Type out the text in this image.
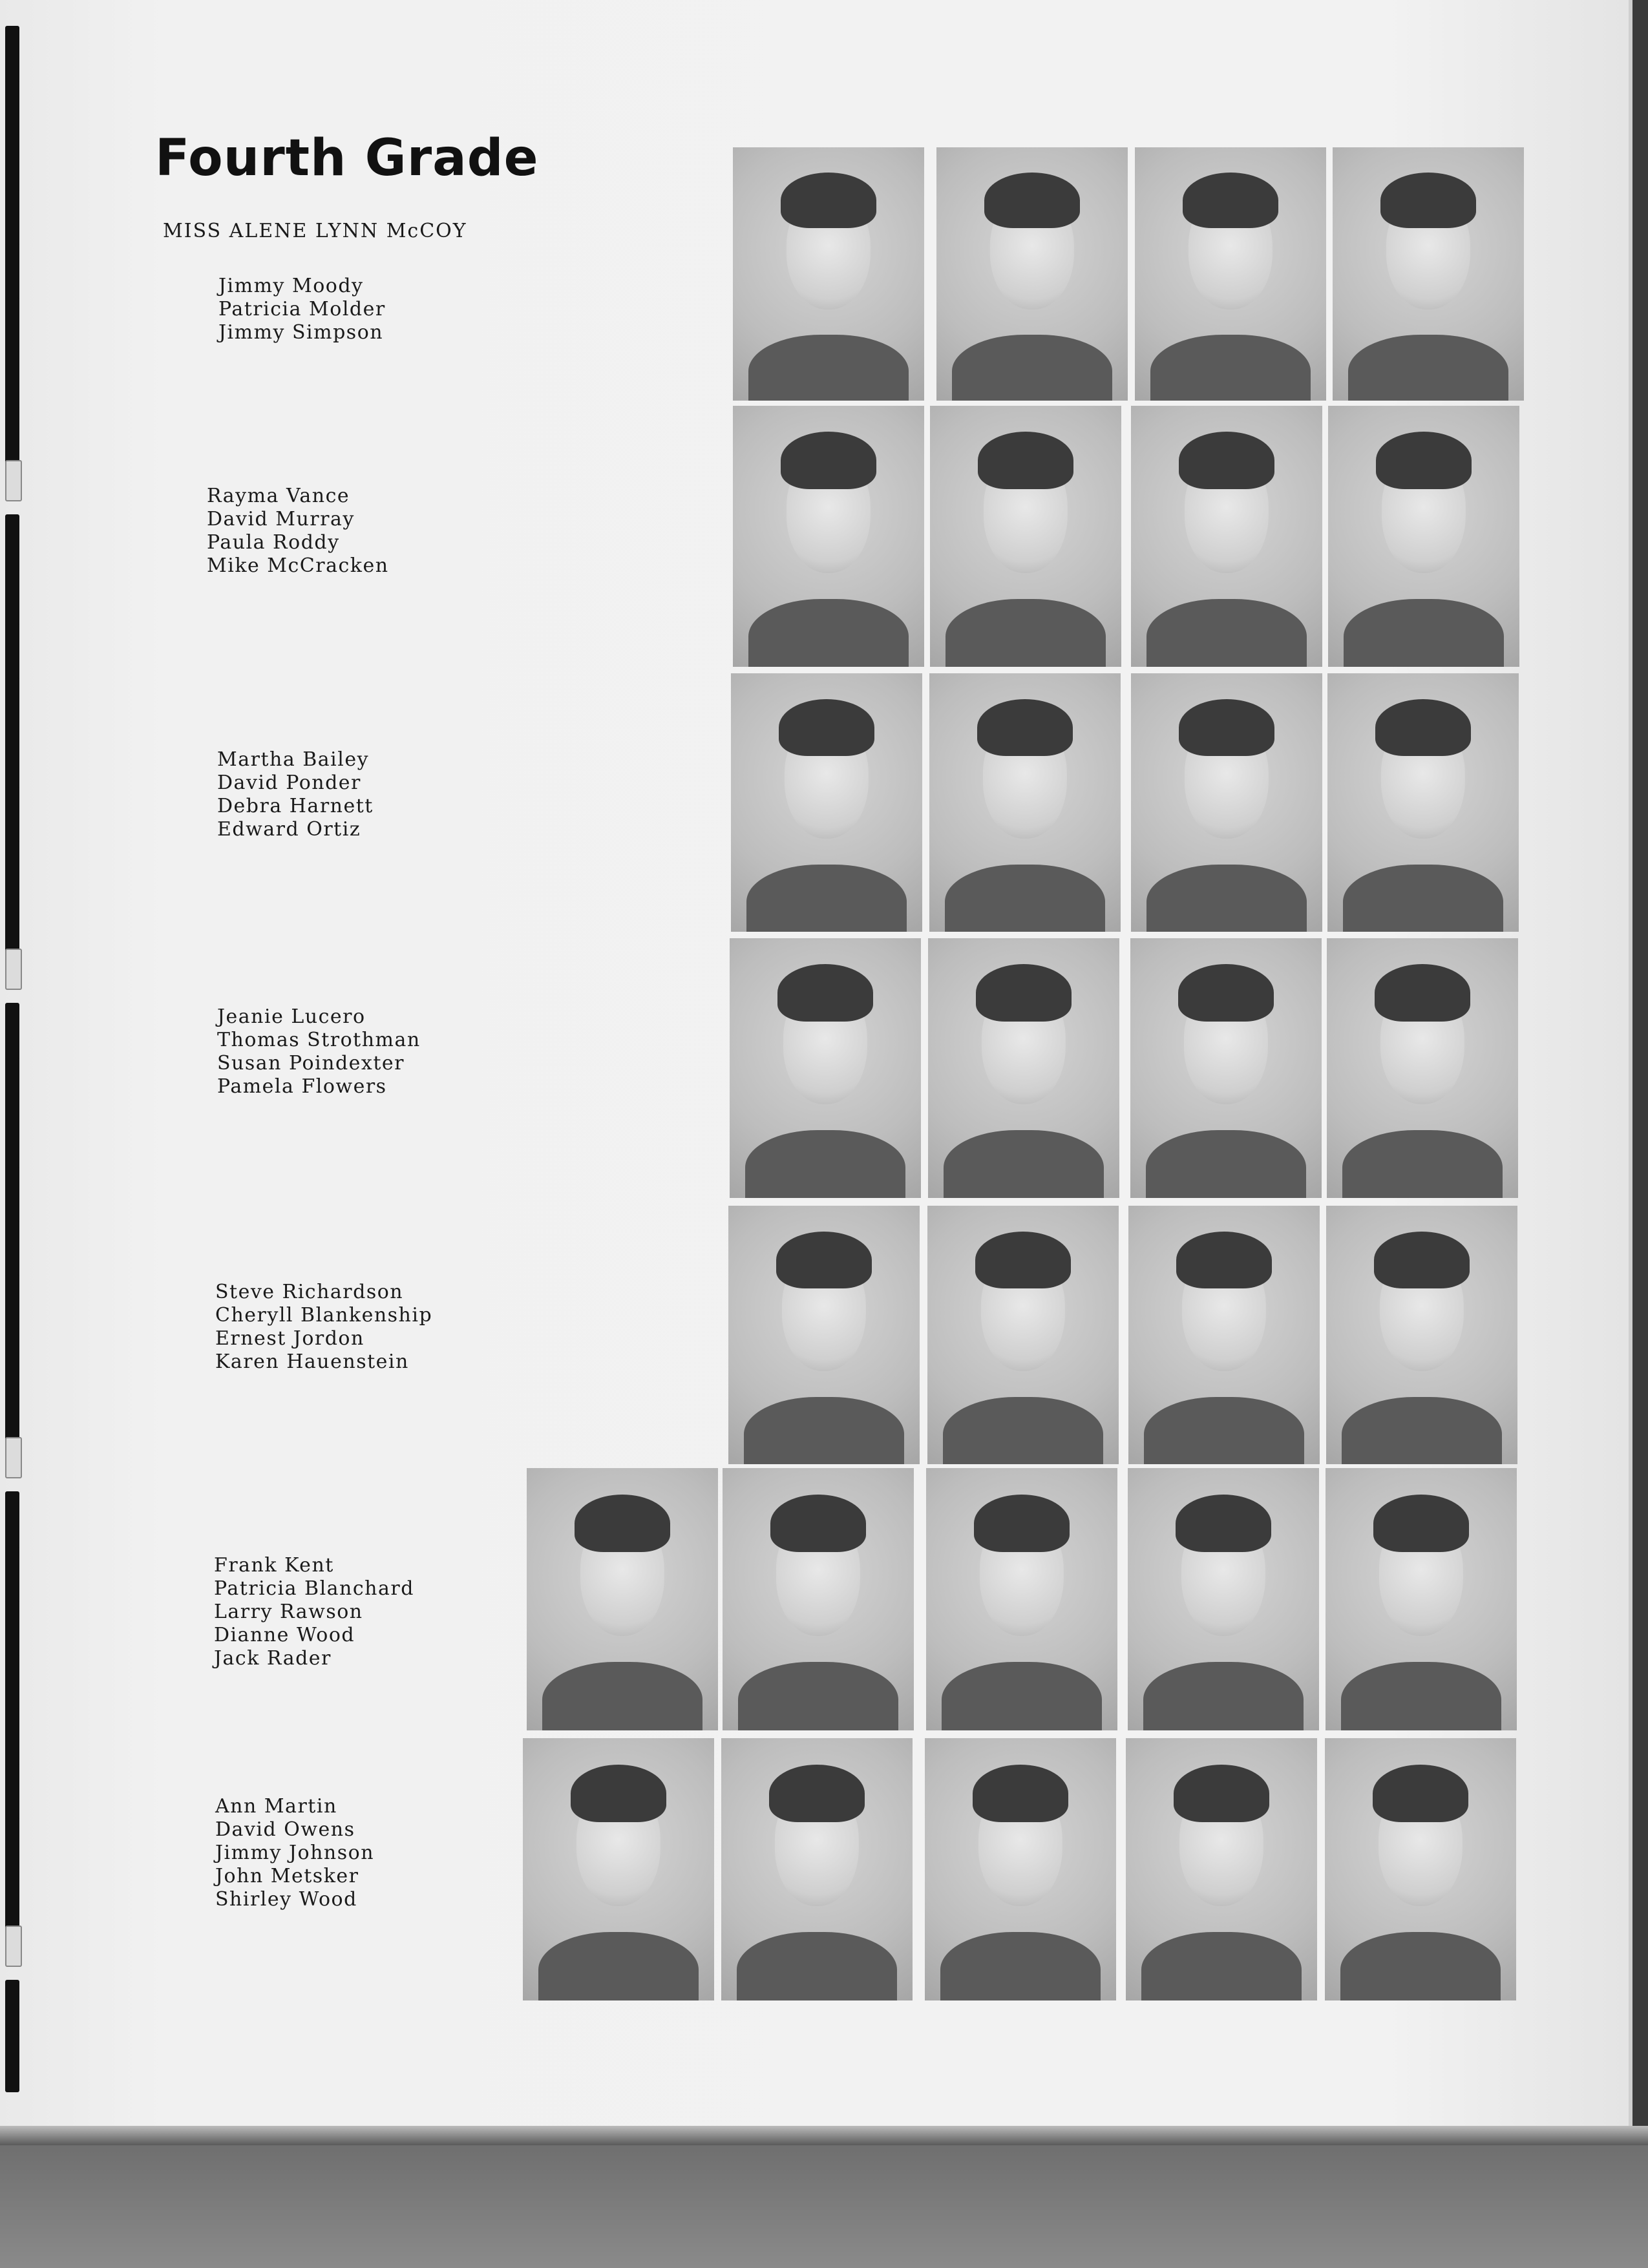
Fourth Grade
MISS ALENE LYNN McCOY
Jimmy Moody
Patricia Molder
Jimmy Simpson
Rayma Vance
David Murray
Paula Roddy
Mike McCracken
Martha Bailey
David Ponder
Debra Harnett
Edward Ortiz
Jeanie Lucero
Thomas Strothman
Susan Poindexter
Pamela Flowers
Steve Richardson
Cheryll Blankenship
Ernest Jordon
Karen Hauenstein
Frank Kent
Patricia Blanchard
Larry Rawson
Dianne Wood
Jack Rader
Ann Martin
David Owens
Jimmy Johnson
John Metsker
Shirley Wood
